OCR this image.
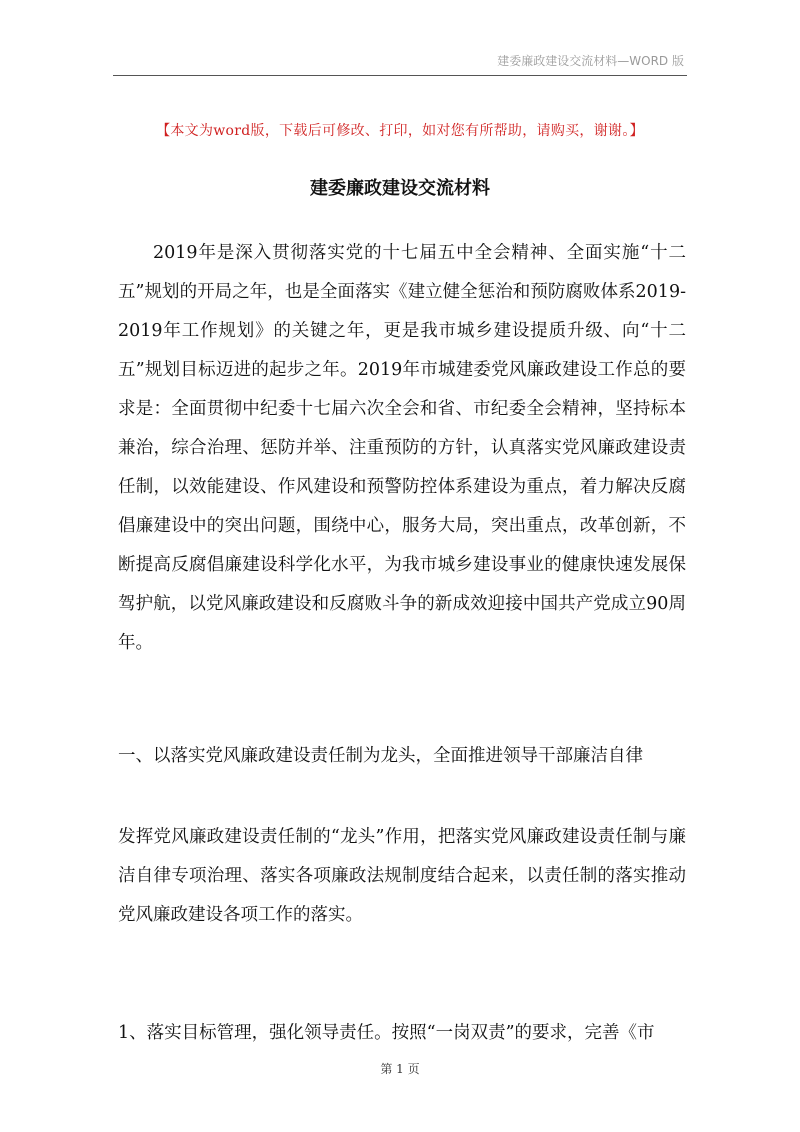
建委廉政建设交流材料—WORD 版
【本文为word版，下载后可修改、打印，如对您有所帮助，请购买，谢谢。】
建委廉政建设交流材料

2019年是深入贯彻落实党的十七届五中全会精神、全面实施“十二五”规划的开局之年，也是全面落实《建立健全惩治和预防腐败体系2019-2019年工作规划》的关键之年，更是我市城乡建设提质升级、向“十二五”规划目标迈进的起步之年。2019年市城建委党风廉政建设工作总的要求是：全面贯彻中纪委十七届六次全会和省、市纪委全会精神，坚持标本兼治，综合治理、惩防并举、注重预防的方针，认真落实党风廉政建设责任制，以效能建设、作风建设和预警防控体系建设为重点，着力解决反腐倡廉建设中的突出问题，围绕中心，服务大局，突出重点，改革创新，不断提高反腐倡廉建设科学化水平，为我市城乡建设事业的健康快速发展保驾护航，以党风廉政建设和反腐败斗争的新成效迎接中国共产党成立90周年。

一、以落实党风廉政建设责任制为龙头，全面推进领导干部廉洁自律

发挥党风廉政建设责任制的“龙头”作用，把落实党风廉政建设责任制与廉洁自律专项治理、落实各项廉政法规制度结合起来，以责任制的落实推动党风廉政建设各项工作的落实。

1、落实目标管理，强化领导责任。按照“一岗双责”的要求，完善《市

第 1 页
